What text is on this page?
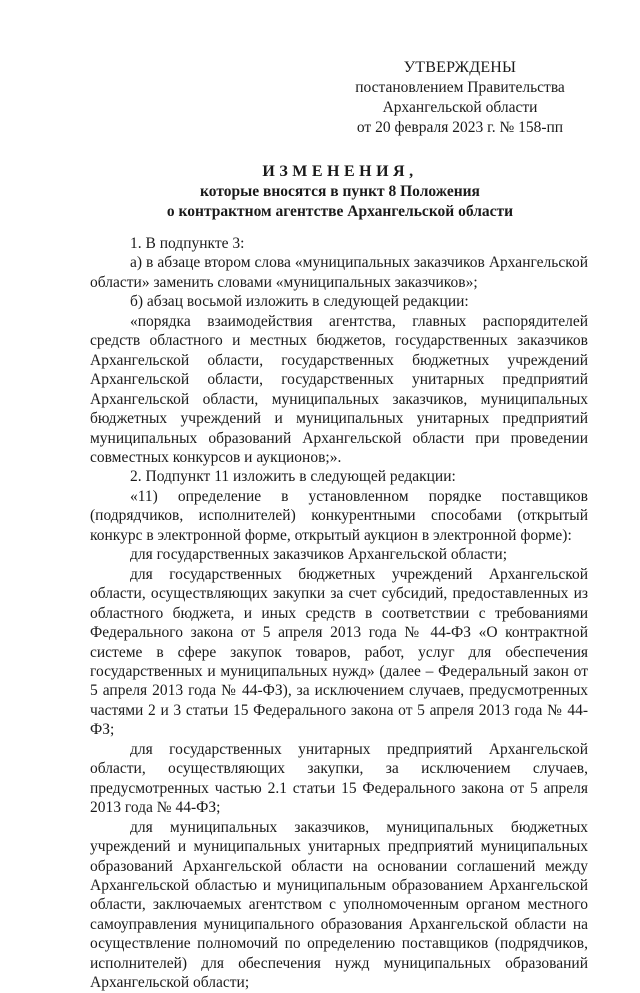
УТВЕРЖДЕНЫ
постановлением Правительства
Архангельской области
от 20 февраля 2023 г. № 158-пп
ИЗМЕНЕНИЯ,
которые вносятся в пункт 8 Положения
о контрактном агентстве Архангельской области

1. В подпункте 3:

а) в абзаце втором слова «муниципальных заказчиков Архангельской области» заменить словами «муниципальных заказчиков»;

б) абзац восьмой изложить в следующей редакции:

«порядка взаимодействия агентства, главных распорядителей средств областного и местных бюджетов, государственных заказчиков Архангельской области, государственных бюджетных учреждений Архангельской области, государственных унитарных предприятий Архангельской области, муниципальных заказчиков, муниципальных бюджетных учреждений и муниципальных унитарных предприятий муниципальных образований Архангельской области при проведении совместных конкурсов и аукционов;».

2. Подпункт 11 изложить в следующей редакции:

«11) определение в установленном порядке поставщиков (подрядчиков, исполнителей) конкурентными способами (открытый конкурс в электронной форме, открытый аукцион в электронной форме):

для государственных заказчиков Архангельской области;

для государственных бюджетных учреждений Архангельской области, осуществляющих закупки за счет субсидий, предоставленных из областного бюджета, и иных средств в соответствии с требованиями Федерального закона от 5 апреля 2013 года № 44-ФЗ «О контрактной системе в сфере закупок товаров, работ, услуг для обеспечения государственных и муниципальных нужд» (далее – Федеральный закон от 5 апреля 2013 года № 44-ФЗ), за исключением случаев, предусмотренных частями 2 и 3 статьи 15 Федерального закона от 5 апреля 2013 года № 44-ФЗ;

для государственных унитарных предприятий Архангельской области, осуществляющих закупки, за исключением случаев, предусмотренных частью 2.1 статьи 15 Федерального закона от 5 апреля 2013 года № 44-ФЗ;

для муниципальных заказчиков, муниципальных бюджетных учреждений и муниципальных унитарных предприятий муниципальных образований Архангельской области на основании соглашений между Архангельской областью и муниципальным образованием Архангельской области, заключаемых агентством с уполномоченным органом местного самоуправления муниципального образования Архангельской области на осуществление полномочий по определению поставщиков (подрядчиков, исполнителей) для обеспечения нужд муниципальных образований Архангельской области;
